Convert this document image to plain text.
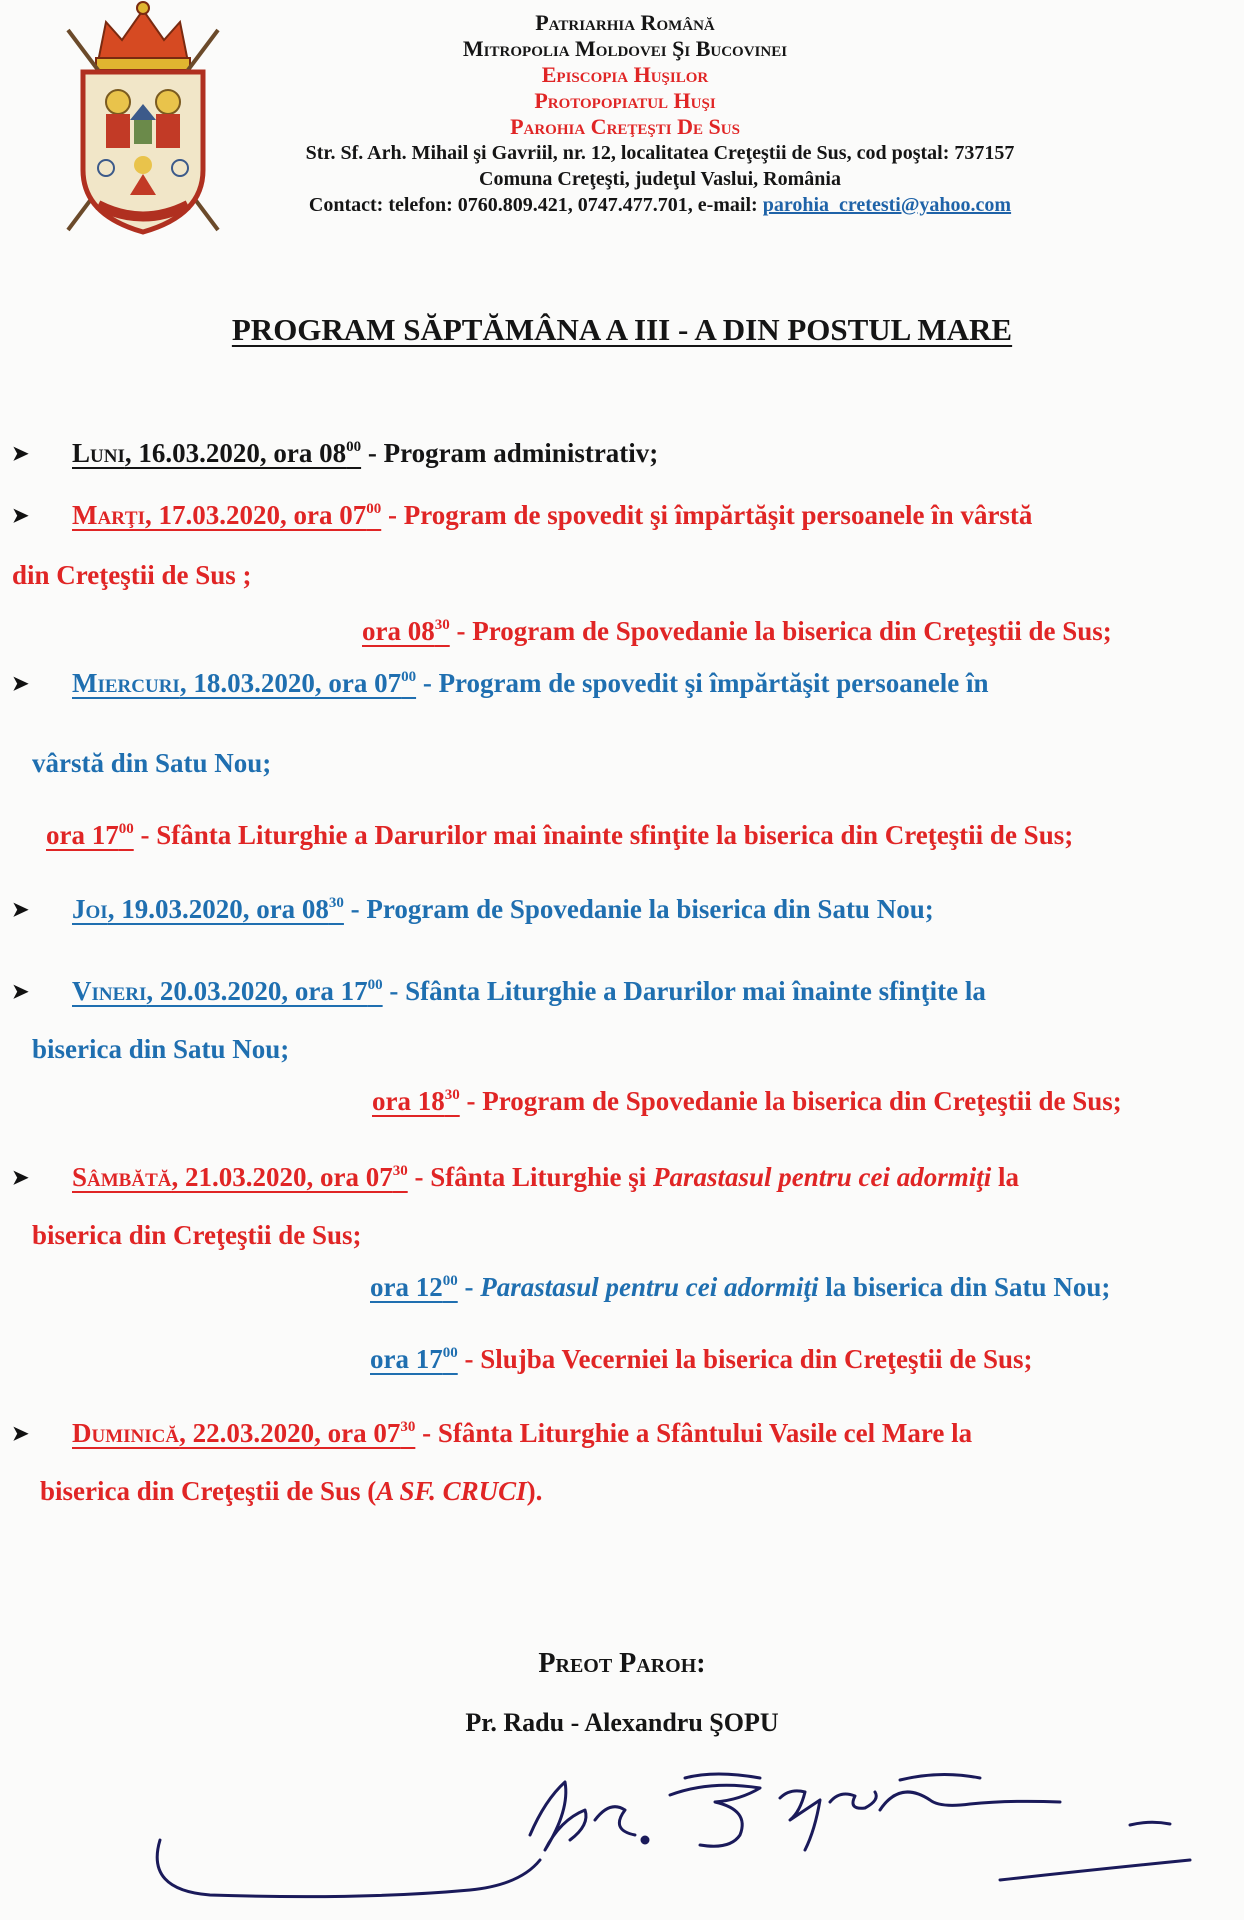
Patriarhia Română
Mitropolia Moldovei Şi Bucovinei
Episcopia Huşilor
Protopopiatul Huşi
Parohia Creţeşti De Sus
Str. Sf. Arh. Mihail şi Gavriil, nr. 12, localitatea Creţeştii de Sus, cod poştal: 737157
Comuna Creţeşti, judeţul Vaslui, România
Contact: telefon: 0760.809.421, 0747.477.701, e-mail: parohia_cretesti@yahoo.com
PROGRAM SĂPTĂMÂNA A III - A DIN POSTUL MARE
➤ Luni, 16.03.2020, ora $08^{00}$ - Program administrativ;
➤ Marţi, 17.03.2020, ora $07^{00}$ - Program de spovedit şi împărtăşit persoanele în vârstă
din Creţeştii de Sus ;
ora $08^{30}$ - Program de Spovedanie la biserica din Creţeştii de Sus;
➤ Miercuri, 18.03.2020, ora $07^{00}$ - Program de spovedit şi împărtăşit persoanele în
vârstă din Satu Nou;
ora $17^{00}$ - Sfânta Liturghie a Darurilor mai înainte sfinţite la biserica din Creţeştii de Sus;
➤ Joi, 19.03.2020, ora $08^{30}$ - Program de Spovedanie la biserica din Satu Nou;
➤ Vineri, 20.03.2020, ora $17^{00}$ - Sfânta Liturghie a Darurilor mai înainte sfinţite la
biserica din Satu Nou;
ora $18^{30}$ - Program de Spovedanie la biserica din Creţeştii de Sus;
➤ Sâmbătă, 21.03.2020, ora $07^{30}$ - Sfânta Liturghie şi Parastasul pentru cei adormiţi la
biserica din Creţeştii de Sus;
ora $12^{00}$ - Parastasul pentru cei adormiţi la biserica din Satu Nou;
ora $17^{00}$ - Slujba Vecerniei la biserica din Creţeştii de Sus;
➤ Duminică, 22.03.2020, ora $07^{30}$ - Sfânta Liturghie a Sfântului Vasile cel Mare la
biserica din Creţeştii de Sus (A SF. CRUCI).
Preot Paroh:
Pr. Radu - Alexandru ŞOPU
